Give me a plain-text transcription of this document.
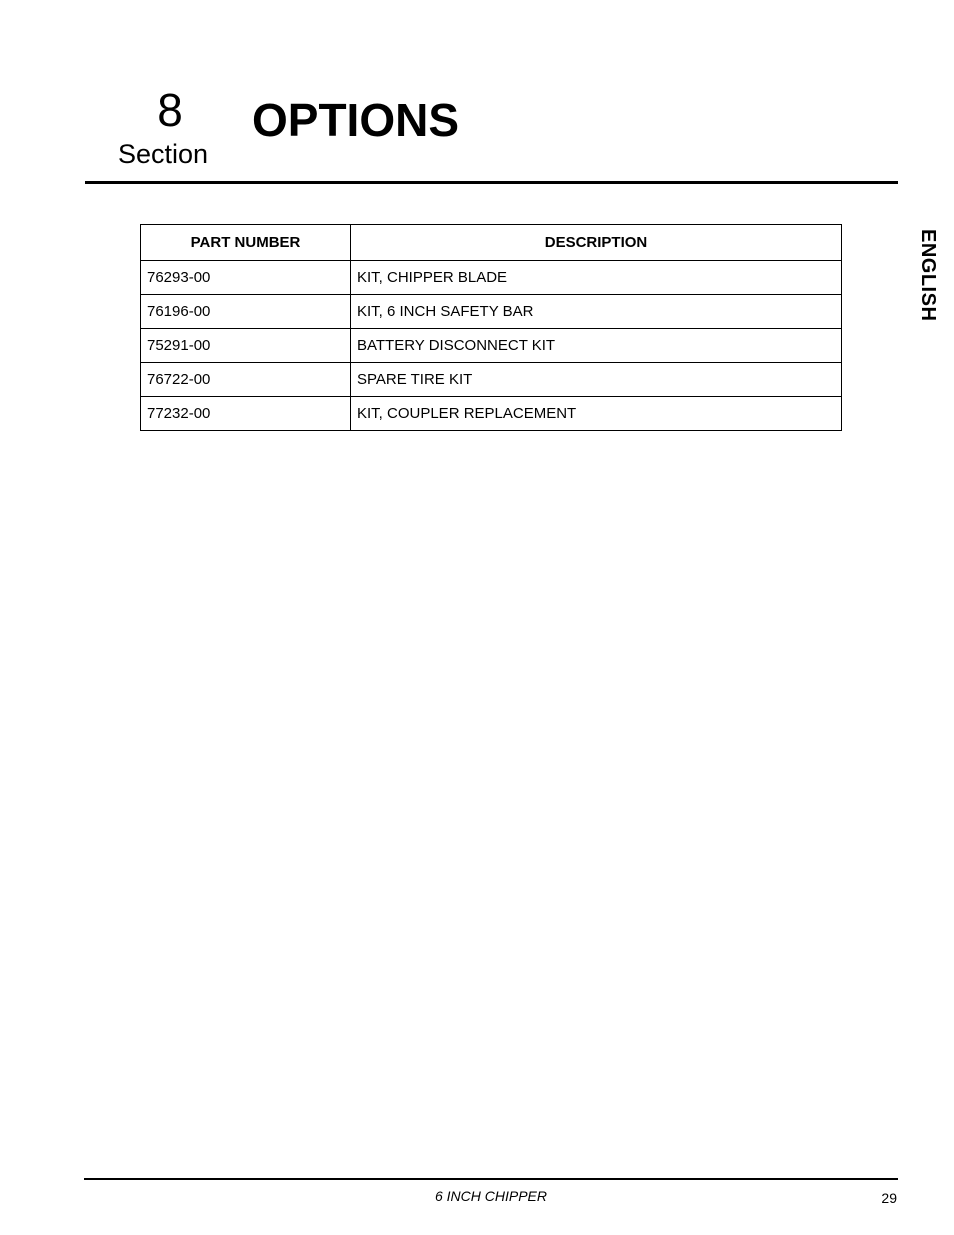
8
Section
OPTIONS
ENGLISH
PART NUMBER	DESCRIPTION
76293-00	KIT, CHIPPER BLADE
76196-00	KIT, 6 INCH SAFETY BAR
75291-00	BATTERY DISCONNECT KIT
76722-00	SPARE TIRE KIT
77232-00	KIT, COUPLER REPLACEMENT
6 INCH CHIPPER	29
